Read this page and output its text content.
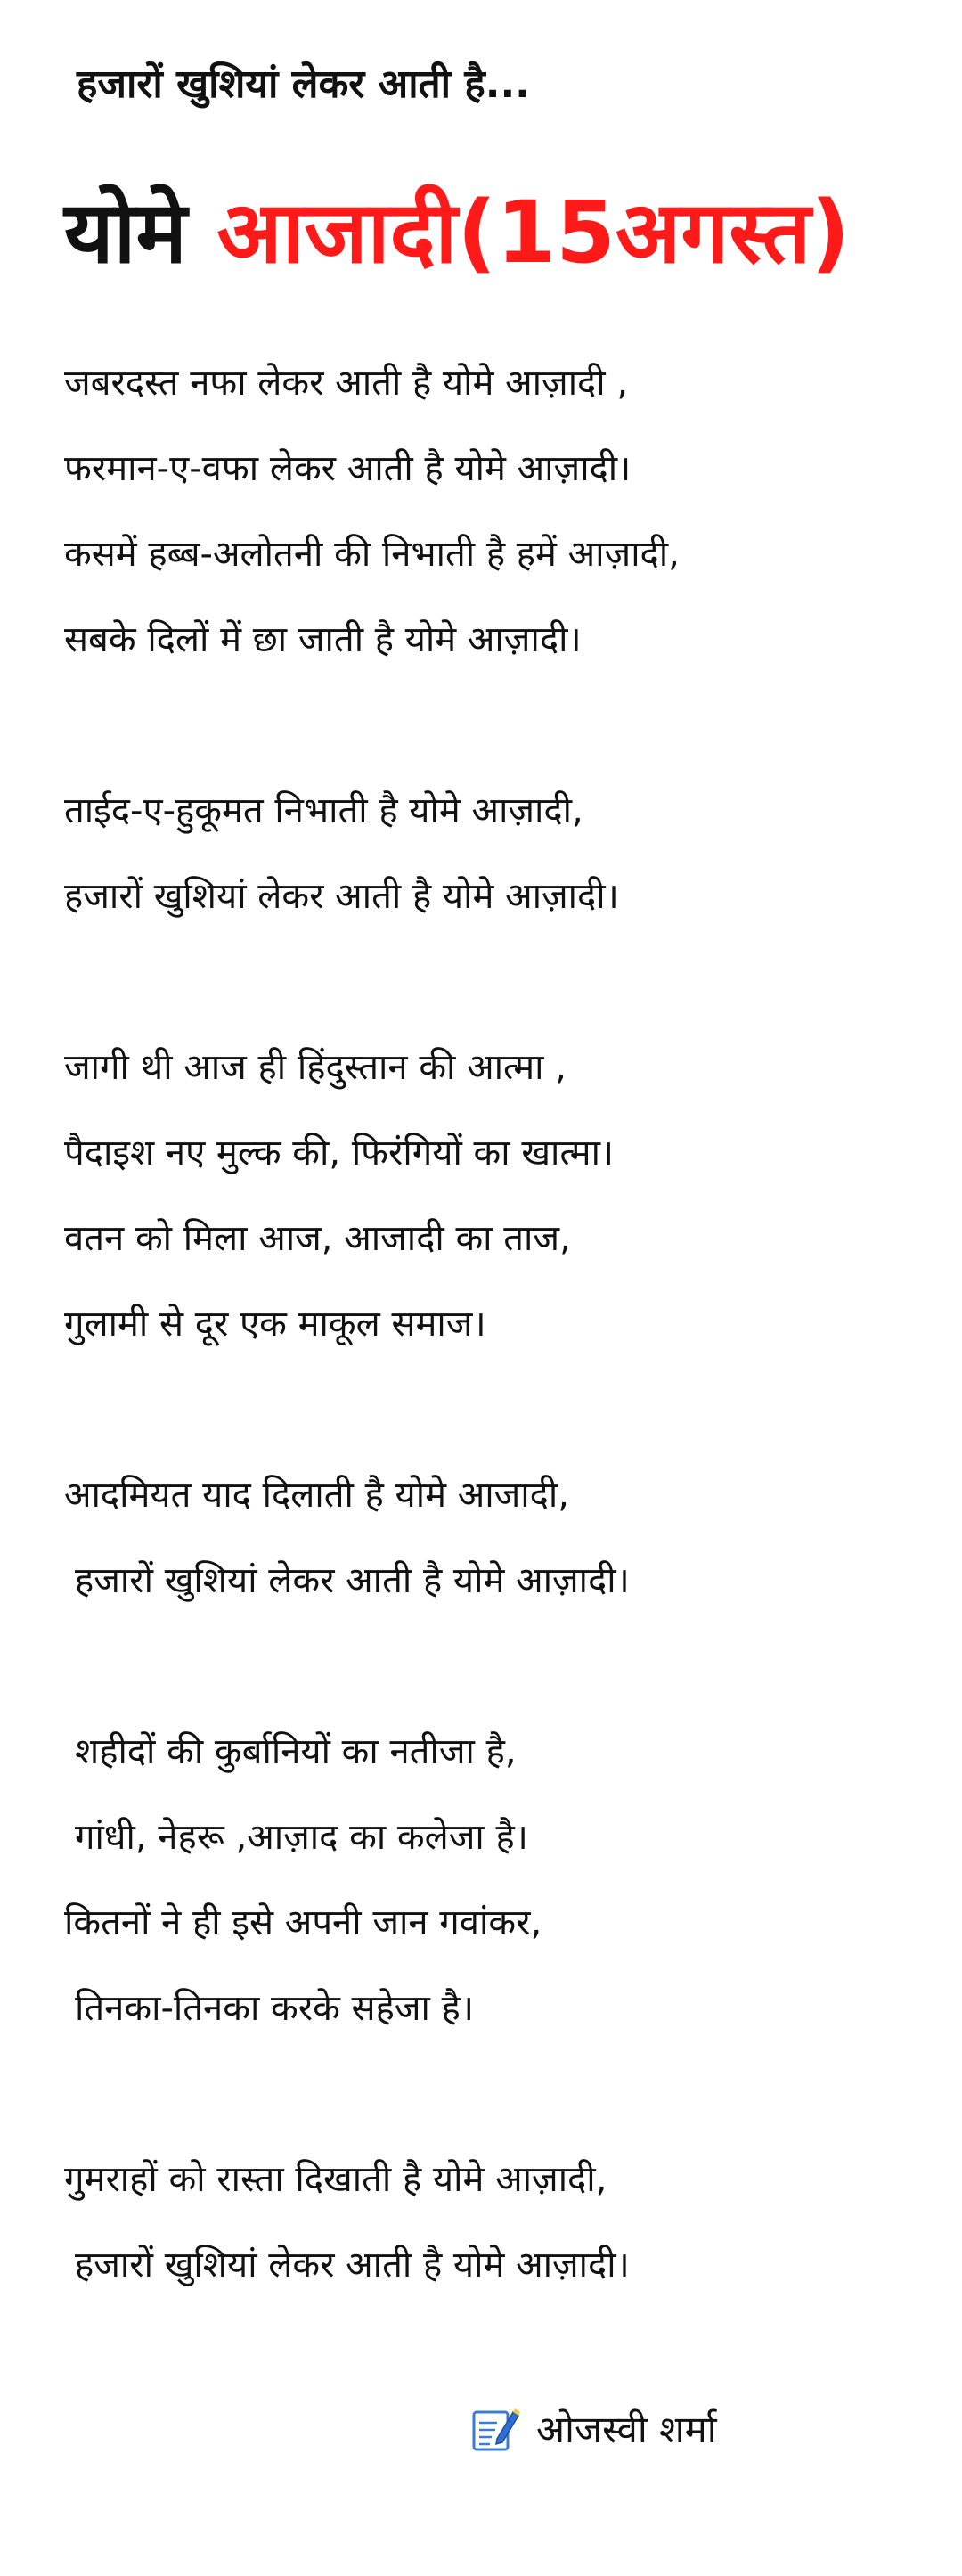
हजारों खुशियां लेकर आती है...
योमे आजादी(15अगस्त)
जबरदस्त नफा लेकर आती है योमे आज़ादी ,
फरमान-ए-वफा लेकर आती है योमे आज़ादी।
कसमें हब्ब-अलोतनी की निभाती है हमें आज़ादी,
सबके दिलों में छा जाती है योमे आज़ादी।
ताईद-ए-हुकूमत निभाती है योमे आज़ादी,
हजारों खुशियां लेकर आती है योमे आज़ादी।
जागी थी आज ही हिंदुस्तान की आत्मा ,
पैदाइश नए मुल्क की, फिरंगियों का खात्मा।
वतन को मिला आज, आजादी का ताज,
गुलामी से दूर एक माकूल समाज।
आदमियत याद दिलाती है योमे आजादी,
हजारों खुशियां लेकर आती है योमे आज़ादी।
शहीदों की कुर्बानियों का नतीजा है,
गांधी, नेहरू ,आज़ाद का कलेजा है।
कितनों ने ही इसे अपनी जान गवांकर,
तिनका-तिनका करके सहेजा है।
गुमराहों को रास्ता दिखाती है योमे आज़ादी,
हजारों खुशियां लेकर आती है योमे आज़ादी।
ओजस्वी शर्मा
